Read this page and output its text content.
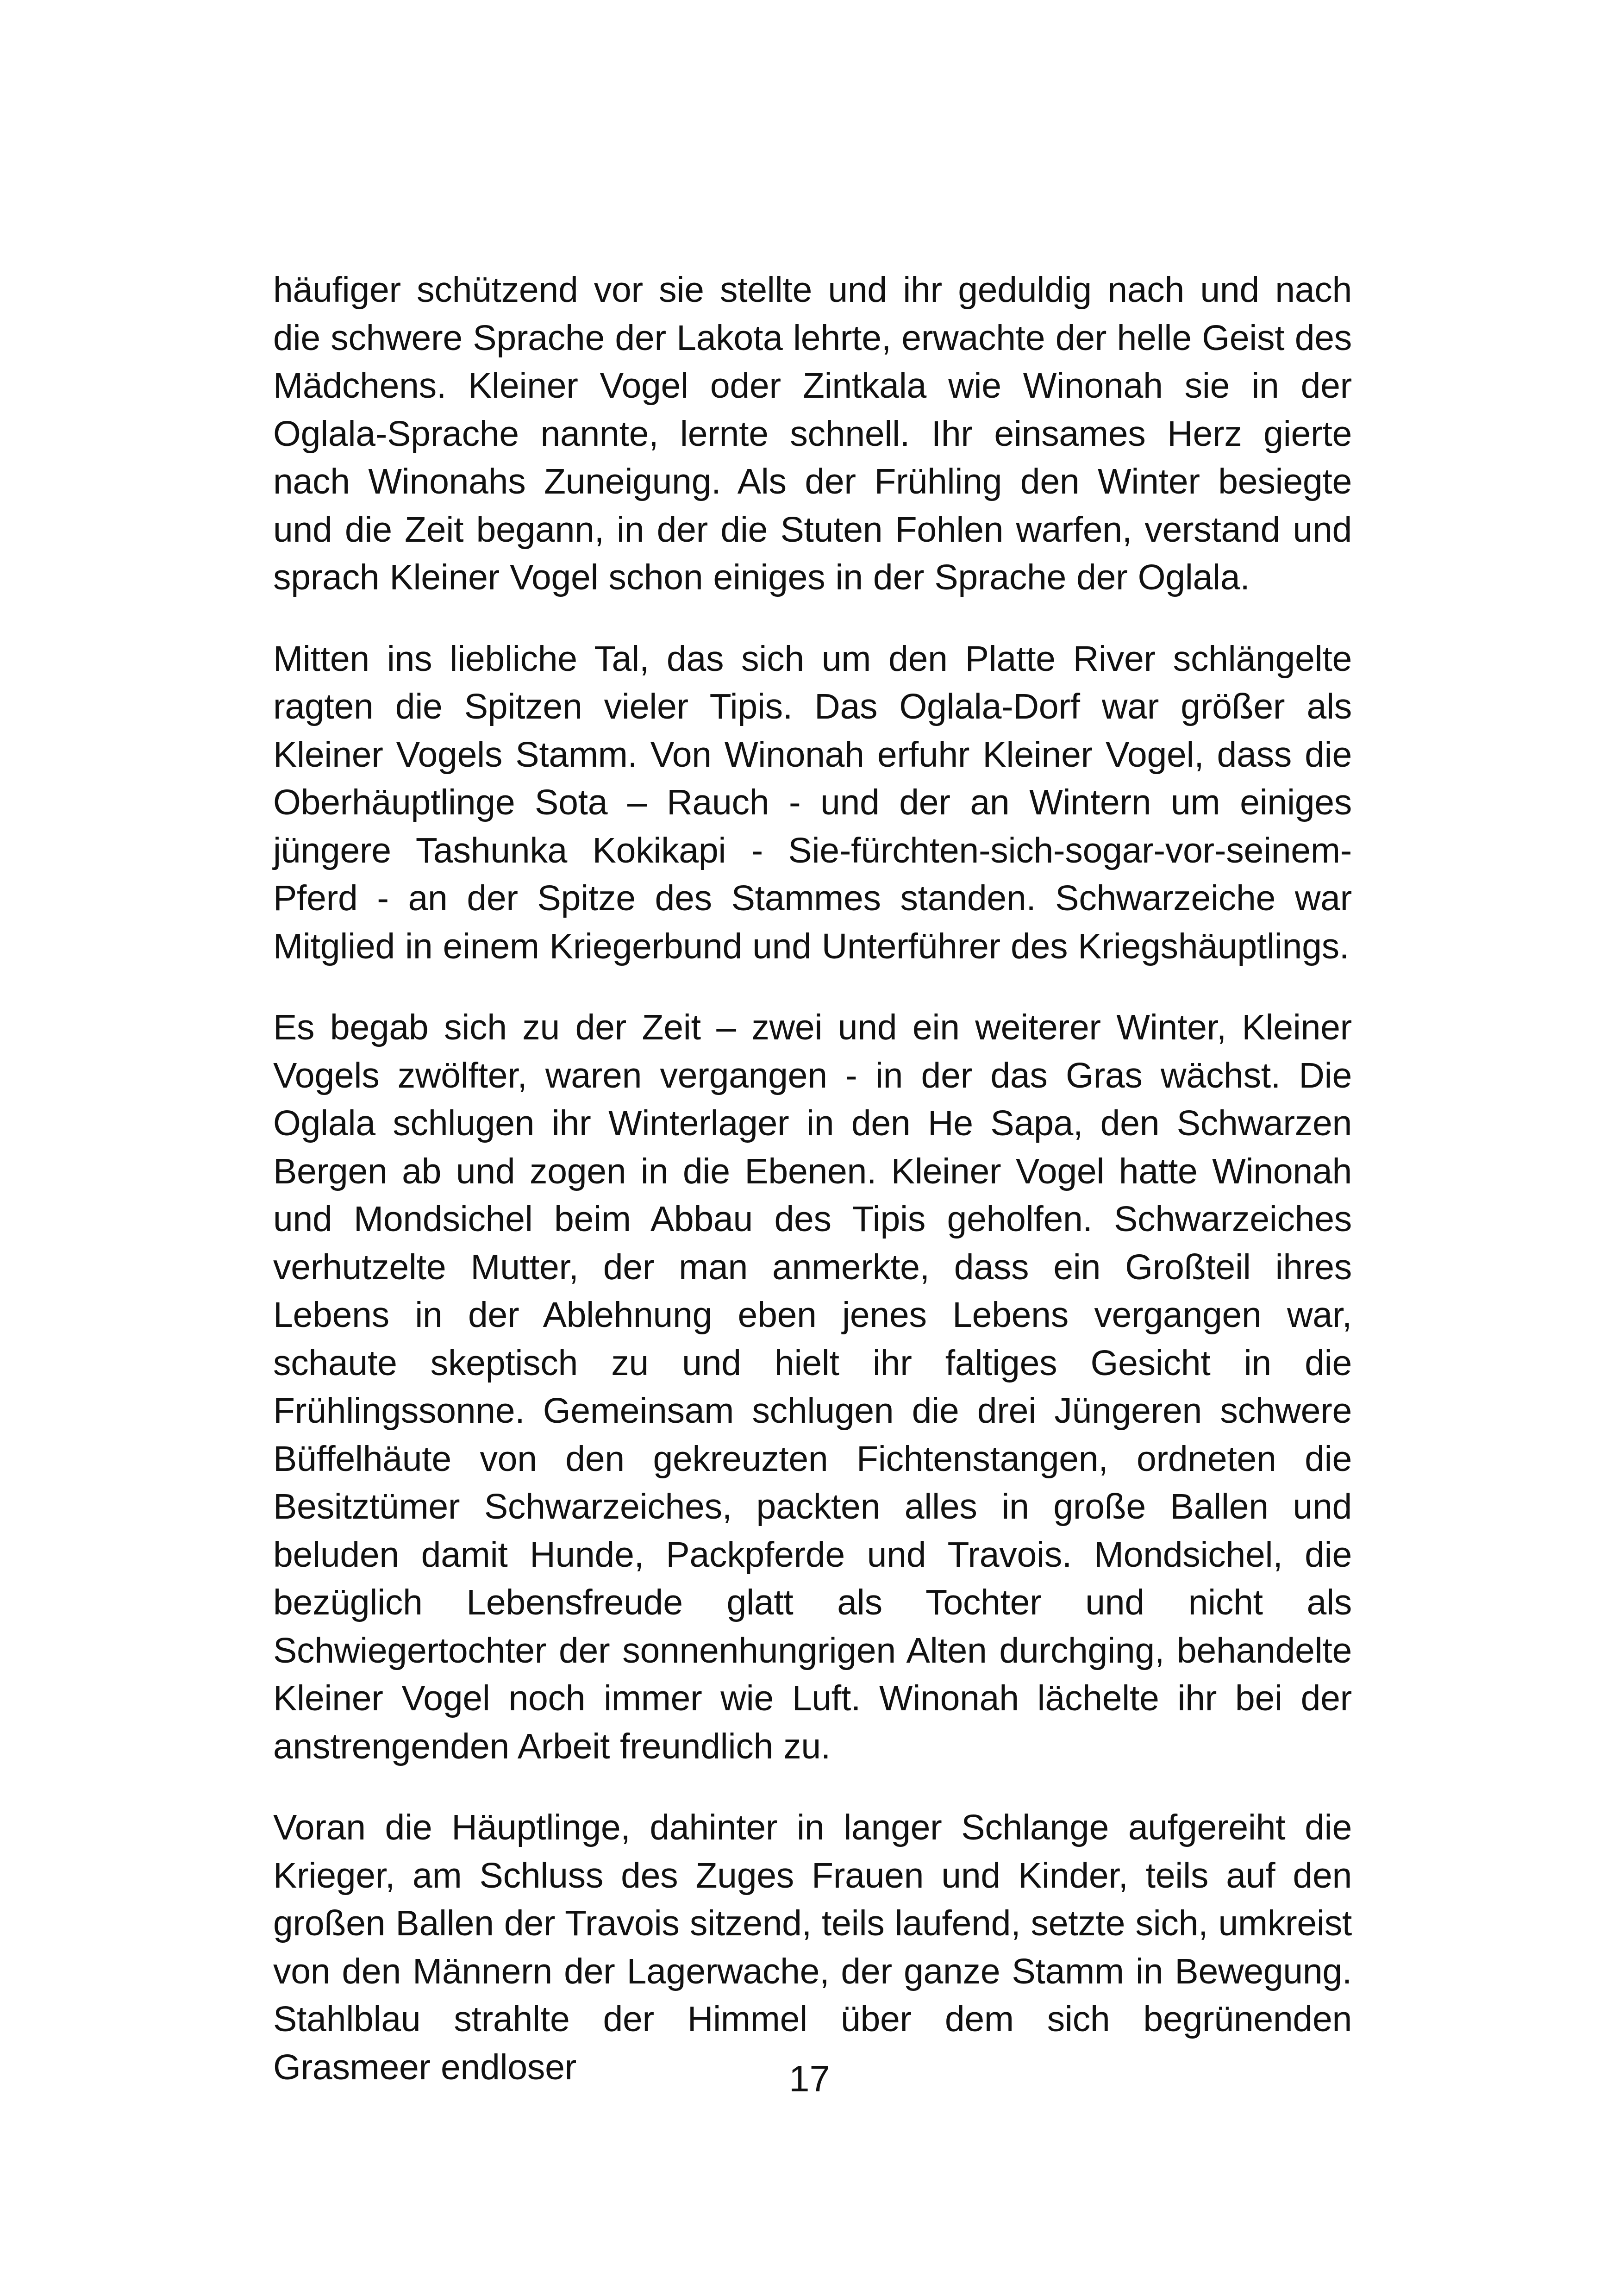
häufiger schützend vor sie stellte und ihr geduldig nach und nach die schwere Sprache der Lakota lehrte, erwachte der helle Geist des Mädchens. Kleiner Vogel oder Zintkala wie Winonah sie in der Oglala-Sprache nannte, lernte schnell. Ihr einsames Herz gierte nach Winonahs Zuneigung. Als der Frühling den Winter besiegte und die Zeit begann, in der die Stuten Fohlen warfen, verstand und sprach Kleiner Vogel schon einiges in der Sprache der Oglala.

Mitten ins liebliche Tal, das sich um den Platte River schlängelte ragten die Spitzen vieler Tipis. Das Oglala-Dorf war größer als Kleiner Vogels Stamm. Von Winonah erfuhr Kleiner Vogel, dass die Oberhäuptlinge Sota – Rauch - und der an Wintern um einiges jüngere Tashunka Kokikapi - Sie-fürchten-sich-sogar-vor-seinem-Pferd - an der Spitze des Stammes standen. Schwarzeiche war Mitglied in einem Kriegerbund und Unterführer des Kriegshäuptlings.

Es begab sich zu der Zeit – zwei und ein weiterer Winter, Kleiner Vogels zwölfter, waren vergangen - in der das Gras wächst. Die Oglala schlugen ihr Winterlager in den He Sapa, den Schwarzen Bergen ab und zogen in die Ebenen. Kleiner Vogel hatte Winonah und Mondsichel beim Abbau des Tipis geholfen. Schwarzeiches verhutzelte Mutter, der man anmerkte, dass ein Großteil ihres Lebens in der Ablehnung eben jenes Lebens vergangen war, schaute skeptisch zu und hielt ihr faltiges Gesicht in die Frühlingssonne. Gemeinsam schlugen die drei Jüngeren schwere Büffelhäute von den gekreuzten Fichtenstangen, ordneten die Besitztümer Schwarzeiches, packten alles in große Ballen und beluden damit Hunde, Packpferde und Travois. Mondsichel, die bezüglich Lebensfreude glatt als Tochter und nicht als Schwiegertochter der sonnenhungrigen Alten durchging, behandelte Kleiner Vogel noch immer wie Luft. Winonah lächelte ihr bei der anstrengenden Arbeit freundlich zu.

Voran die Häuptlinge, dahinter in langer Schlange aufgereiht die Krieger, am Schluss des Zuges Frauen und Kinder, teils auf den großen Ballen der Travois sitzend, teils laufend, setzte sich, umkreist von den Männern der Lagerwache, der ganze Stamm in Bewegung. Stahlblau strahlte der Himmel über dem sich begrünenden Grasmeer endloser	17
